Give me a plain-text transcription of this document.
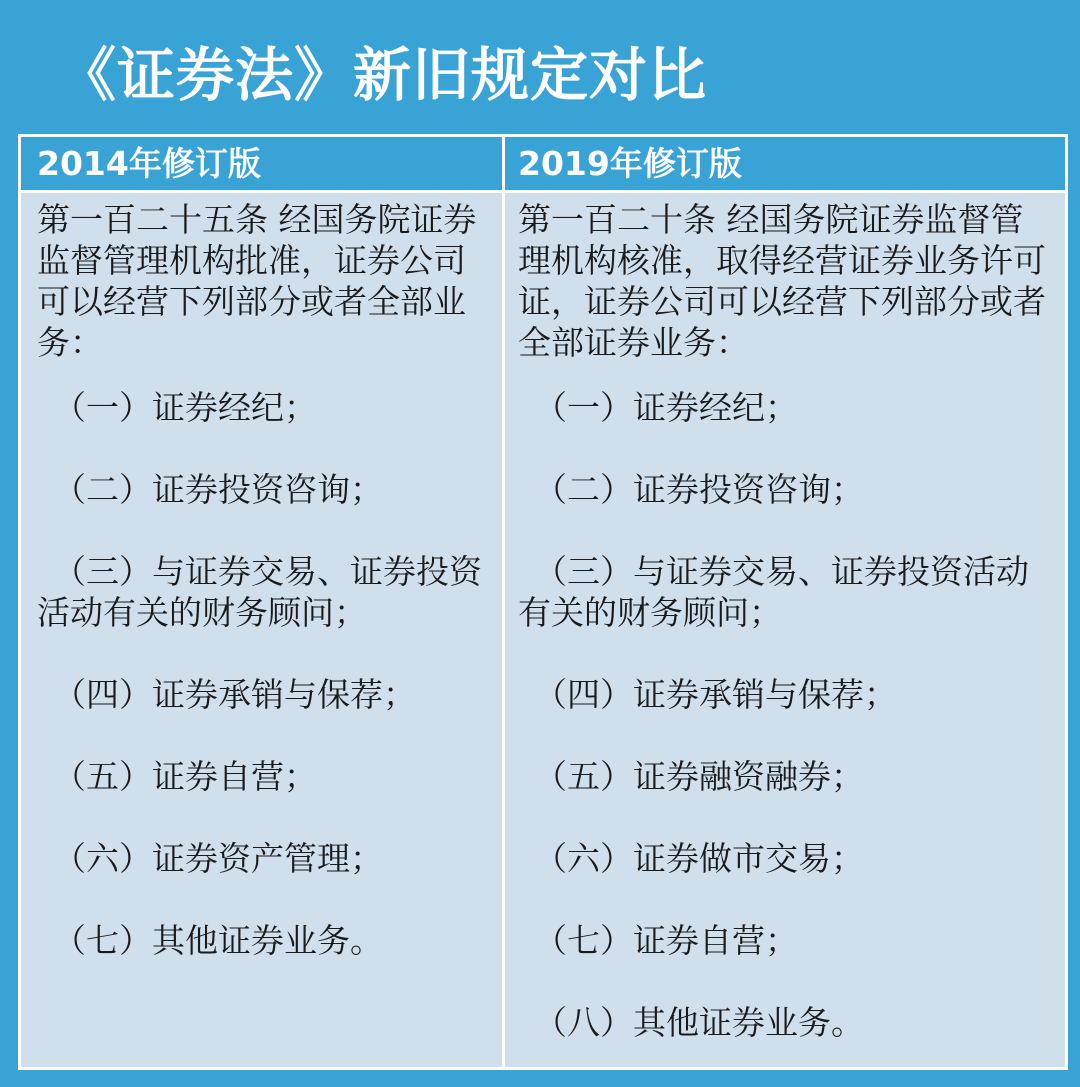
《证券法》新旧规定对比
2014年修订版	2019年修订版
第一百二十五条 经国务院证券监督管理机构批准，证券公司可以经营下列部分或者全部业务：
（一）证券经纪；
（二）证券投资咨询；
（三）与证券交易、证券投资活动有关的财务顾问；
（四）证券承销与保荐；
（五）证券自营；
（六）证券资产管理；
（七）其他证券业务。
第一百二十条 经国务院证券监督管理机构核准，取得经营证券业务许可证，证券公司可以经营下列部分或者全部证券业务：
（一）证券经纪；
（二）证券投资咨询；
（三）与证券交易、证券投资活动有关的财务顾问；
（四）证券承销与保荐；
（五）证券融资融券；
（六）证券做市交易；
（七）证券自营；
（八）其他证券业务。
